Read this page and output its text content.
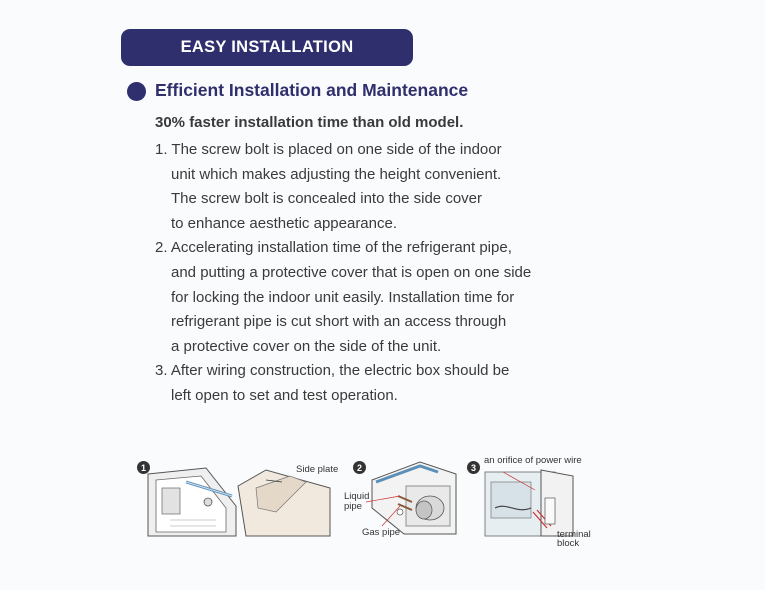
EASY INSTALLATION
Efficient Installation and Maintenance
30% faster installation time than old model.
1. The screw bolt is placed on one side of the indoor
unit which makes adjusting the height convenient.
The screw bolt is concealed into the side cover
to enhance aesthetic appearance.
2. Accelerating installation time of the refrigerant pipe,
and putting a protective cover that is open on one side
for locking the indoor unit easily. Installation time for
refrigerant pipe is cut short with an access through
a protective cover on the side of the unit.
3. After wiring construction, the electric box should be
left open to set and test operation.
1	Side plate	2
Liquid
pipe
Gas pipe
3
an orifice of power wire
terminal
block
